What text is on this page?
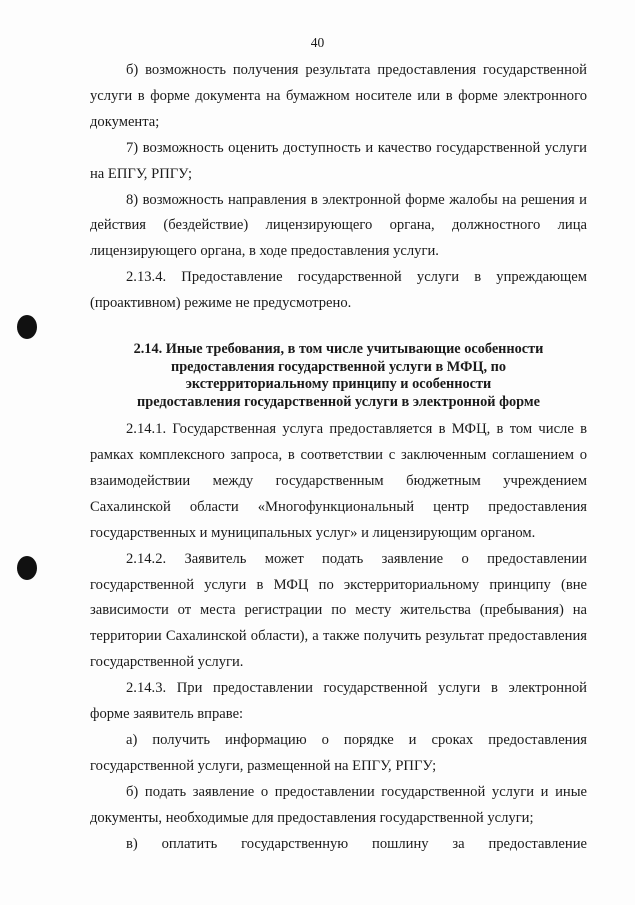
40

б) возможность получения результата предоставления государственной услуги в форме документа на бумажном носителе или в форме электронного документа;

7) возможность оценить доступность и качество государственной услуги на ЕПГУ, РПГУ;

8) возможность направления в электронной форме жалобы на решения и действия (бездействие) лицензирующего органа, должностного лица лицензирующего органа, в ходе предоставления услуги.

2.13.4. Предоставление государственной услуги в упреждающем (проактивном) режиме не предусмотрено.

2.14. Иные требования, в том числе учитывающие особенности
предоставления государственной услуги в МФЦ, по
экстерриториальному принципу и особенности
предоставления государственной услуги в электронной форме

2.14.1. Государственная услуга предоставляется в МФЦ, в том числе в рамках комплексного запроса, в соответствии с заключенным соглашением о взаимодействии между государственным бюджетным учреждением Сахалинской области «Многофункциональный центр предоставления государственных и муниципальных услуг» и лицензирующим органом.

2.14.2. Заявитель может подать заявление о предоставлении государственной услуги в МФЦ по экстерриториальному принципу (вне зависимости от места регистрации по месту жительства (пребывания) на территории Сахалинской области), а также получить результат предоставления государственной услуги.

2.14.3. При предоставлении государственной услуги в электронной форме заявитель вправе:

а) получить информацию о порядке и сроках предоставления государственной услуги, размещенной на ЕПГУ, РПГУ;

б) подать заявление о предоставлении государственной услуги и иные документы, необходимые для предоставления государственной услуги;

в) оплатить государственную пошлину за предоставление
